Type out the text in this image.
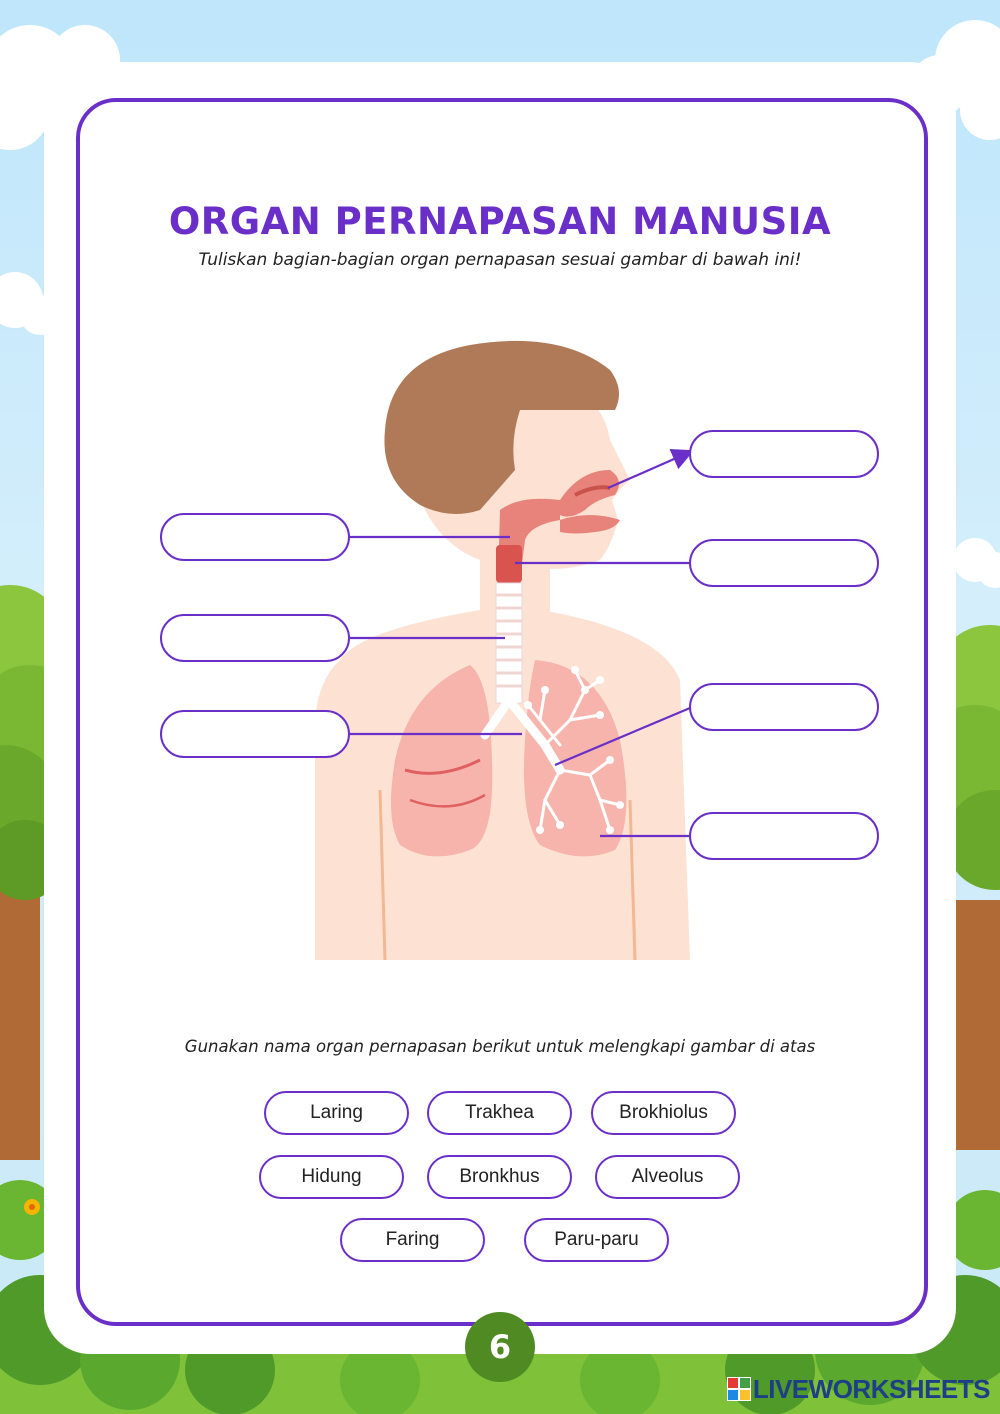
ORGAN PERNAPASAN MANUSIA
Tuliskan bagian-bagian organ pernapasan sesuai gambar di bawah ini!
Gunakan nama organ pernapasan berikut untuk melengkapi gambar di atas
Laring	Trakhea	Brokhiolus
Hidung	Bronkhus	Alveolus
Faring	Paru-paru
6
LIVEWORKSHEETS
